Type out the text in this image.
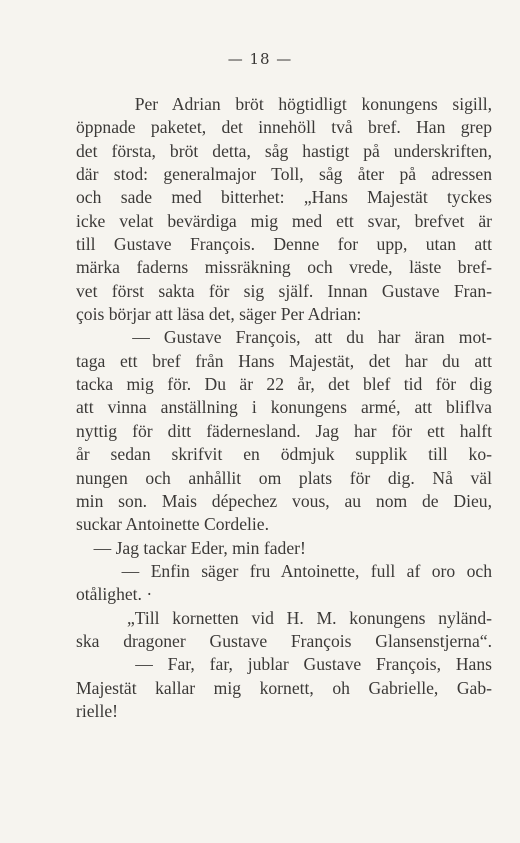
— 18 —
Per Adrian bröt högtidligt konungens sigill,
öppnade paketet, det innehöll två bref. Han grep
det första, bröt detta, såg hastigt på underskriften,
där stod: generalmajor Toll, såg åter på adressen
och sade med bitterhet: „Hans Majestät tyckes
icke velat bevärdiga mig med ett svar, brefvet är
till Gustave François. Denne for upp, utan att
märka faderns missräkning och vrede, läste bref-
vet först sakta för sig själf. Innan Gustave Fran-
çois börjar att läsa det, säger Per Adrian:
— Gustave François, att du har äran mot-
taga ett bref från Hans Majestät, det har du att
tacka mig för. Du är 22 år, det blef tid för dig
att vinna anställning i konungens armé, att bliflva
nyttig för ditt fädernesland. Jag har för ett halft
år sedan skrifvit en ödmjuk supplik till ko-
nungen och anhållit om plats för dig. Nå väl
min son. Mais dépechez vous, au nom de Dieu,
suckar Antoinette Cordelie.
— Jag tackar Eder, min fader!
— Enfin säger fru Antoinette, full af oro och
otålighet. ·
„Till kornetten vid H. M. konungens nyländ-
ska dragoner Gustave François Glansenstjerna“.
— Far, far, jublar Gustave François, Hans
Majestät kallar mig kornett, oh Gabrielle, Gab-
rielle!
